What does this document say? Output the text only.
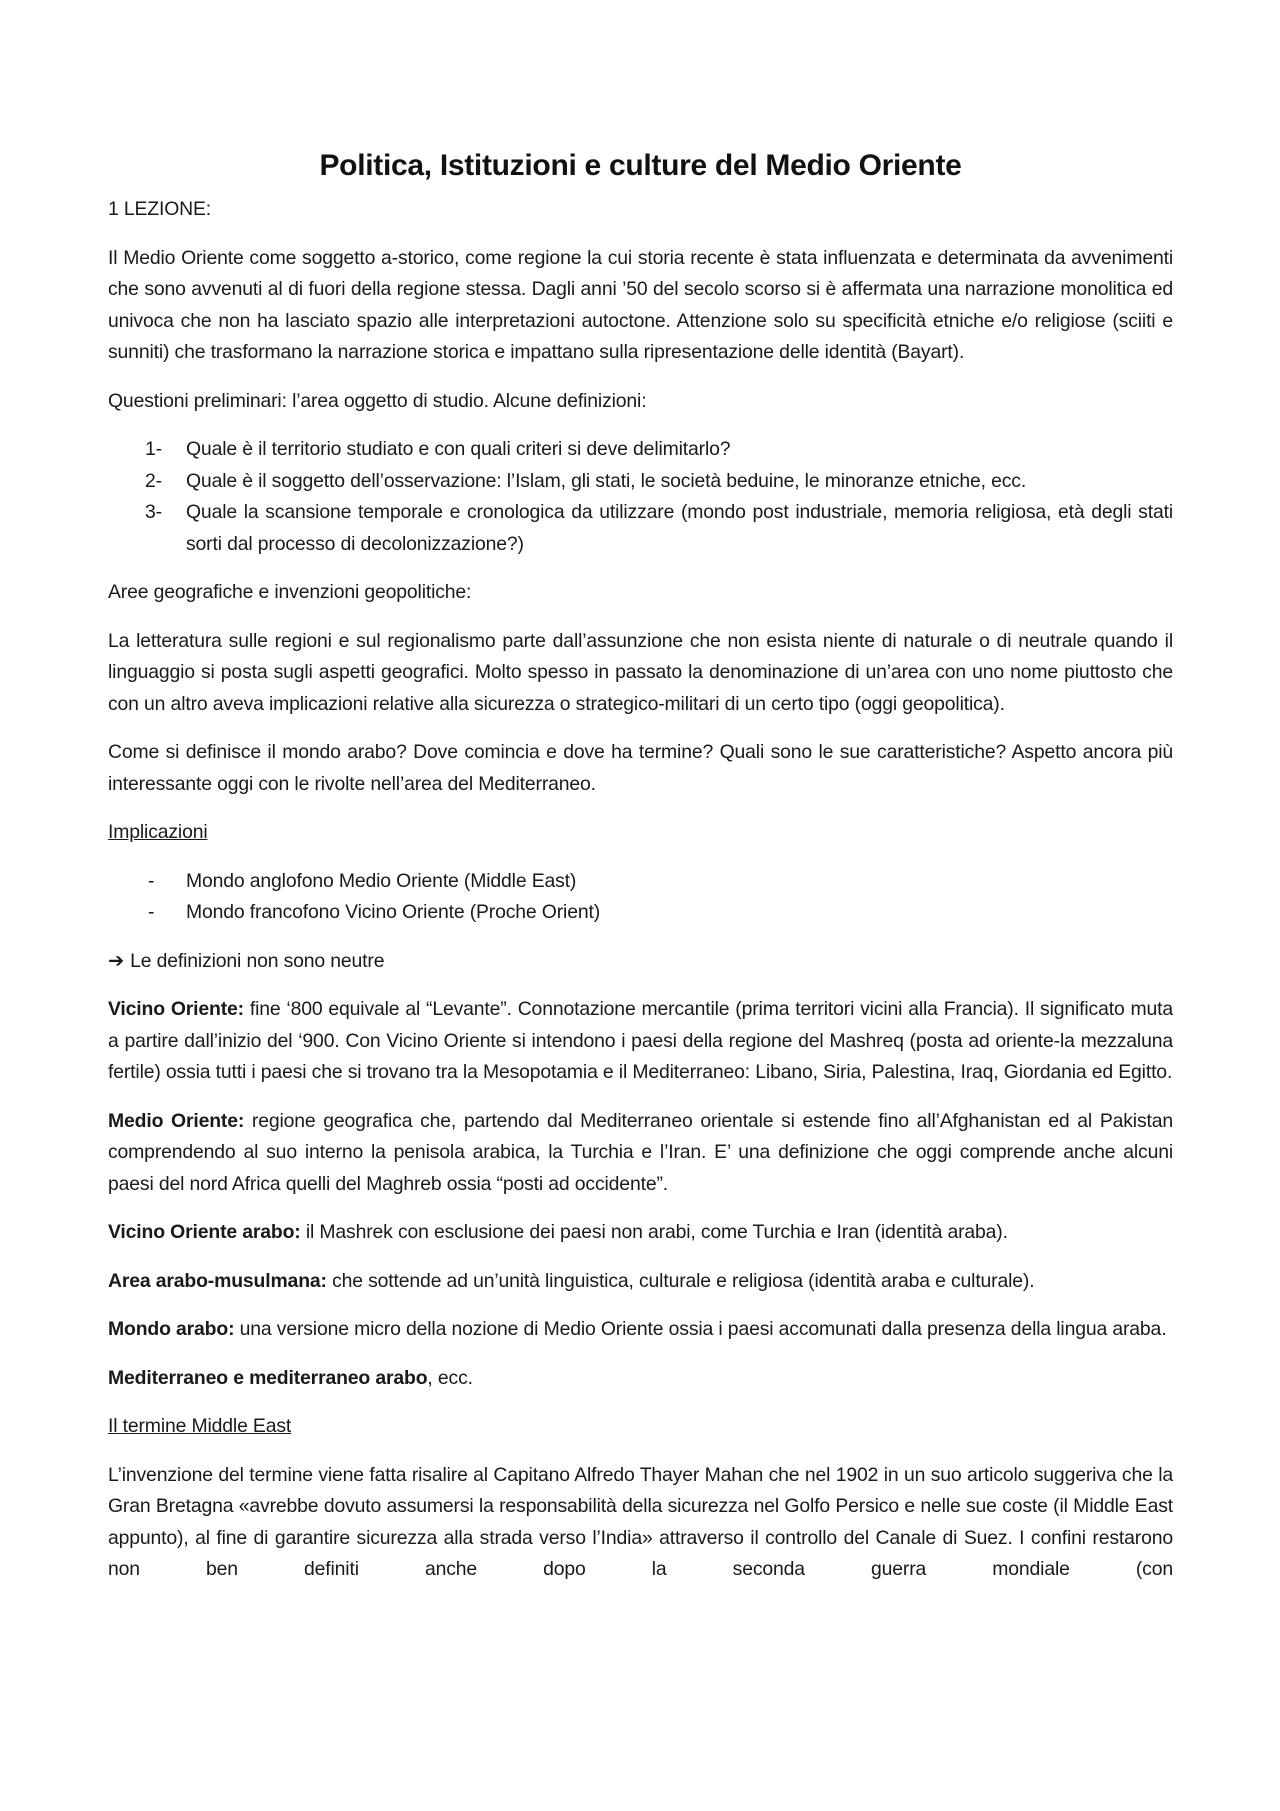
Politica, Istituzioni e culture del Medio Oriente

1 LEZIONE:

Il Medio Oriente come soggetto a-storico, come regione la cui storia recente è stata influenzata e determinata da avvenimenti che sono avvenuti al di fuori della regione stessa. Dagli anni ’50 del secolo scorso si è affermata una narrazione monolitica ed univoca che non ha lasciato spazio alle interpretazioni autoctone. Attenzione solo su specificità etniche e/o religiose (sciiti e sunniti) che trasformano la narrazione storica e impattano sulla ripresentazione delle identità (Bayart).

Questioni preliminari: l’area oggetto di studio. Alcune definizioni:

1- Quale è il territorio studiato e con quali criteri si deve delimitarlo?
2- Quale è il soggetto dell’osservazione: l’Islam, gli stati, le società beduine, le minoranze etniche, ecc.
3- Quale la scansione temporale e cronologica da utilizzare (mondo post industriale, memoria religiosa, età degli stati sorti dal processo di decolonizzazione?)

Aree geografiche e invenzioni geopolitiche:

La letteratura sulle regioni e sul regionalismo parte dall’assunzione che non esista niente di naturale o di neutrale quando il linguaggio si posta sugli aspetti geografici. Molto spesso in passato la denominazione di un’area con uno nome piuttosto che con un altro aveva implicazioni relative alla sicurezza o strategico-militari di un certo tipo (oggi geopolitica).

Come si definisce il mondo arabo? Dove comincia e dove ha termine? Quali sono le sue caratteristiche? Aspetto ancora più interessante oggi con le rivolte nell’area del Mediterraneo.

Implicazioni

- Mondo anglofono Medio Oriente (Middle East)
- Mondo francofono Vicino Oriente (Proche Orient)

➔ Le definizioni non sono neutre

Vicino Oriente: fine ‘800 equivale al “Levante”. Connotazione mercantile (prima territori vicini alla Francia). Il significato muta a partire dall’inizio del ‘900. Con Vicino Oriente si intendono i paesi della regione del Mashreq (posta ad oriente-la mezzaluna fertile) ossia tutti i paesi che si trovano tra la Mesopotamia e il Mediterraneo: Libano, Siria, Palestina, Iraq, Giordania ed Egitto.

Medio Oriente: regione geografica che, partendo dal Mediterraneo orientale si estende fino all’Afghanistan ed al Pakistan comprendendo al suo interno la penisola arabica, la Turchia e l’Iran. E’ una definizione che oggi comprende anche alcuni paesi del nord Africa quelli del Maghreb ossia “posti ad occidente”.

Vicino Oriente arabo: il Mashrek con esclusione dei paesi non arabi, come Turchia e Iran (identità araba).

Area arabo-musulmana: che sottende ad un’unità linguistica, culturale e religiosa (identità araba e culturale).

Mondo arabo: una versione micro della nozione di Medio Oriente ossia i paesi accomunati dalla presenza della lingua araba.

Mediterraneo e mediterraneo arabo, ecc.

Il termine Middle East

L’invenzione del termine viene fatta risalire al Capitano Alfredo Thayer Mahan che nel 1902 in un suo articolo suggeriva che la Gran Bretagna «avrebbe dovuto assumersi la responsabilità della sicurezza nel Golfo Persico e nelle sue coste (il Middle East appunto), al fine di garantire sicurezza alla strada verso l’India» attraverso il controllo del Canale di Suez. I confini restarono non ben definiti anche dopo la seconda guerra mondiale (con
